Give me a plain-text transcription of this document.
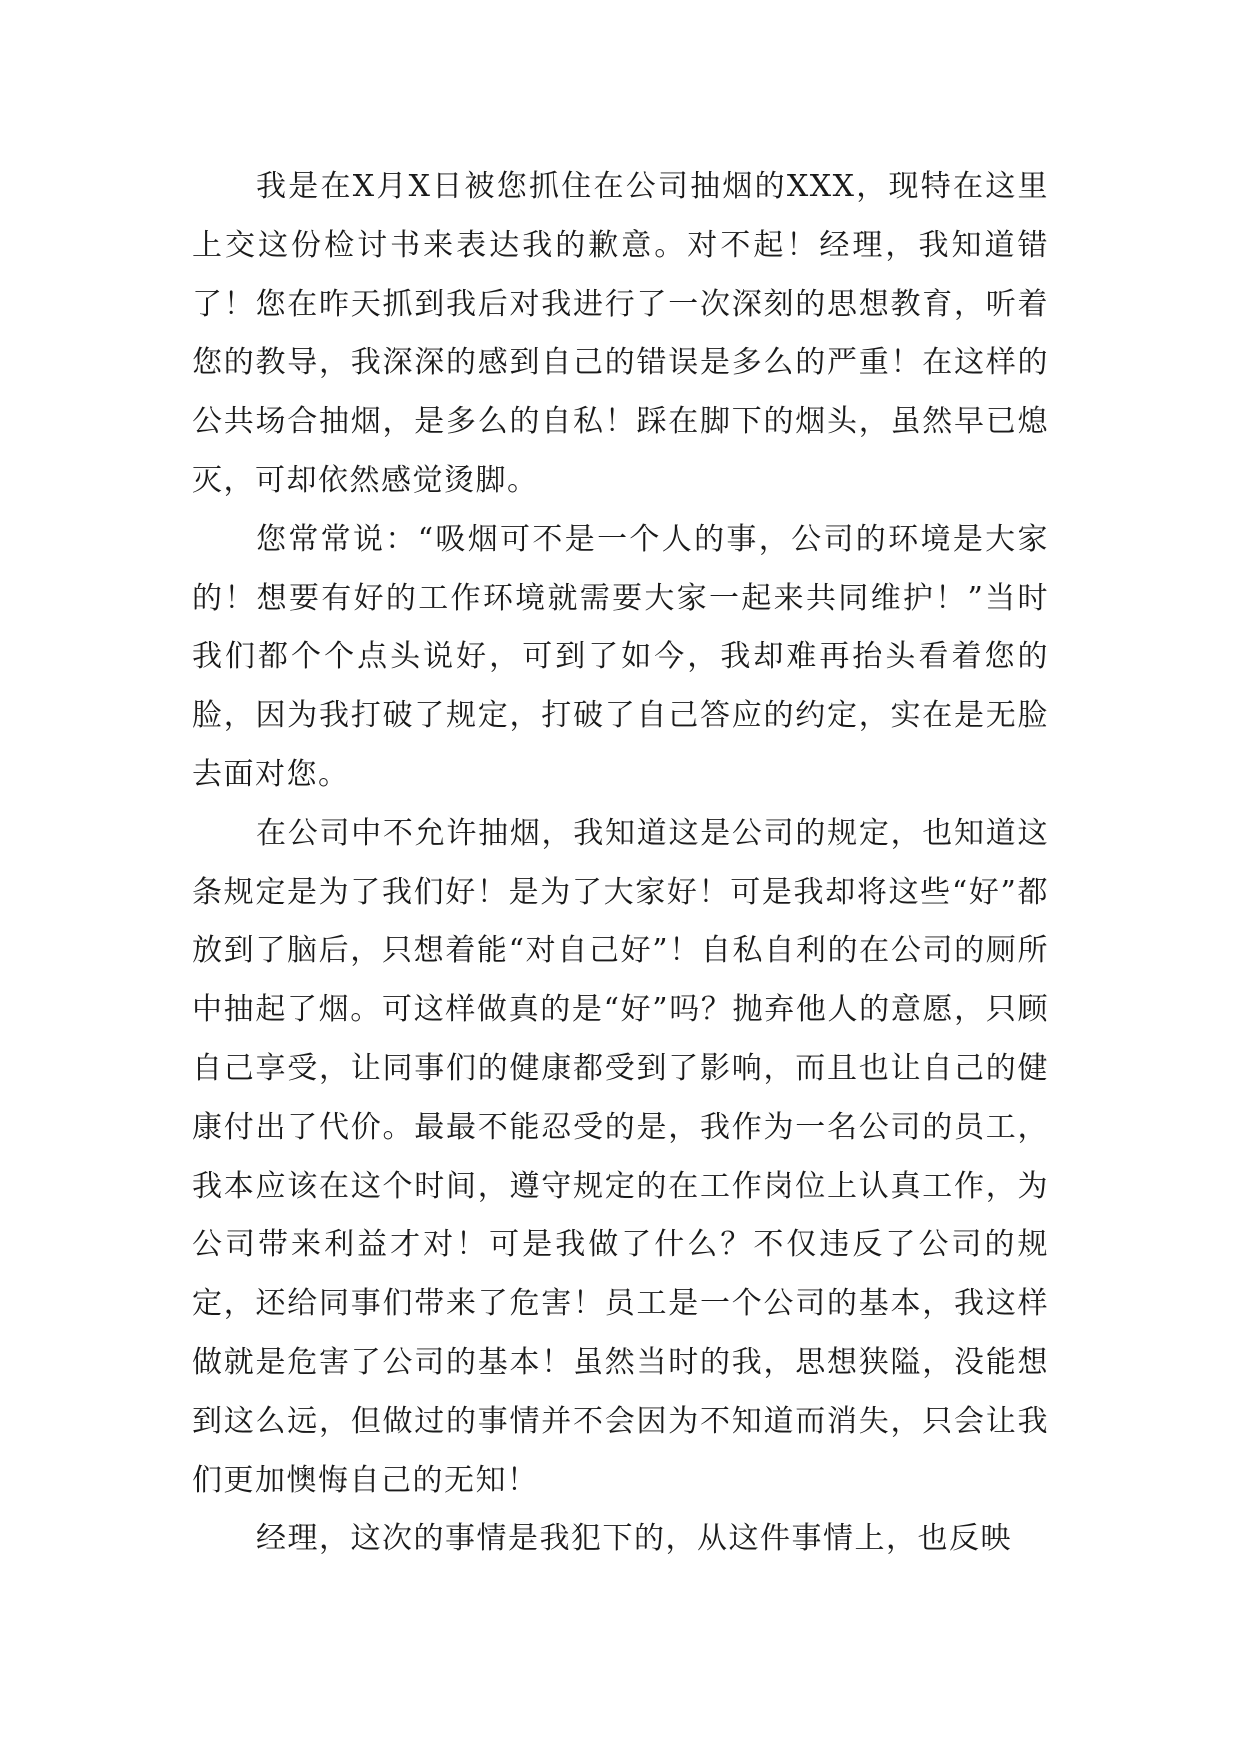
我是在X月X日被您抓住在公司抽烟的XXX，现特在这里上交这份检讨书来表达我的歉意。对不起！经理，我知道错了！您在昨天抓到我后对我进行了一次深刻的思想教育，听着您的教导，我深深的感到自己的错误是多么的严重！在这样的公共场合抽烟，是多么的自私！踩在脚下的烟头，虽然早已熄灭，可却依然感觉烫脚。

您常常说：“吸烟可不是一个人的事，公司的环境是大家的！想要有好的工作环境就需要大家一起来共同维护！”当时我们都个个点头说好，可到了如今，我却难再抬头看着您的脸，因为我打破了规定，打破了自己答应的约定，实在是无脸去面对您。

在公司中不允许抽烟，我知道这是公司的规定，也知道这条规定是为了我们好！是为了大家好！可是我却将这些“好”都放到了脑后，只想着能“对自己好”！自私自利的在公司的厕所中抽起了烟。可这样做真的是“好”吗？抛弃他人的意愿，只顾自己享受，让同事们的健康都受到了影响，而且也让自己的健康付出了代价。最最不能忍受的是，我作为一名公司的员工，我本应该在这个时间，遵守规定的在工作岗位上认真工作，为公司带来利益才对！可是我做了什么？不仅违反了公司的规定，还给同事们带来了危害！员工是一个公司的基本，我这样做就是危害了公司的基本！虽然当时的我，思想狭隘，没能想到这么远，但做过的事情并不会因为不知道而消失，只会让我们更加懊悔自己的无知！

经理，这次的事情是我犯下的，从这件事情上，也反映
